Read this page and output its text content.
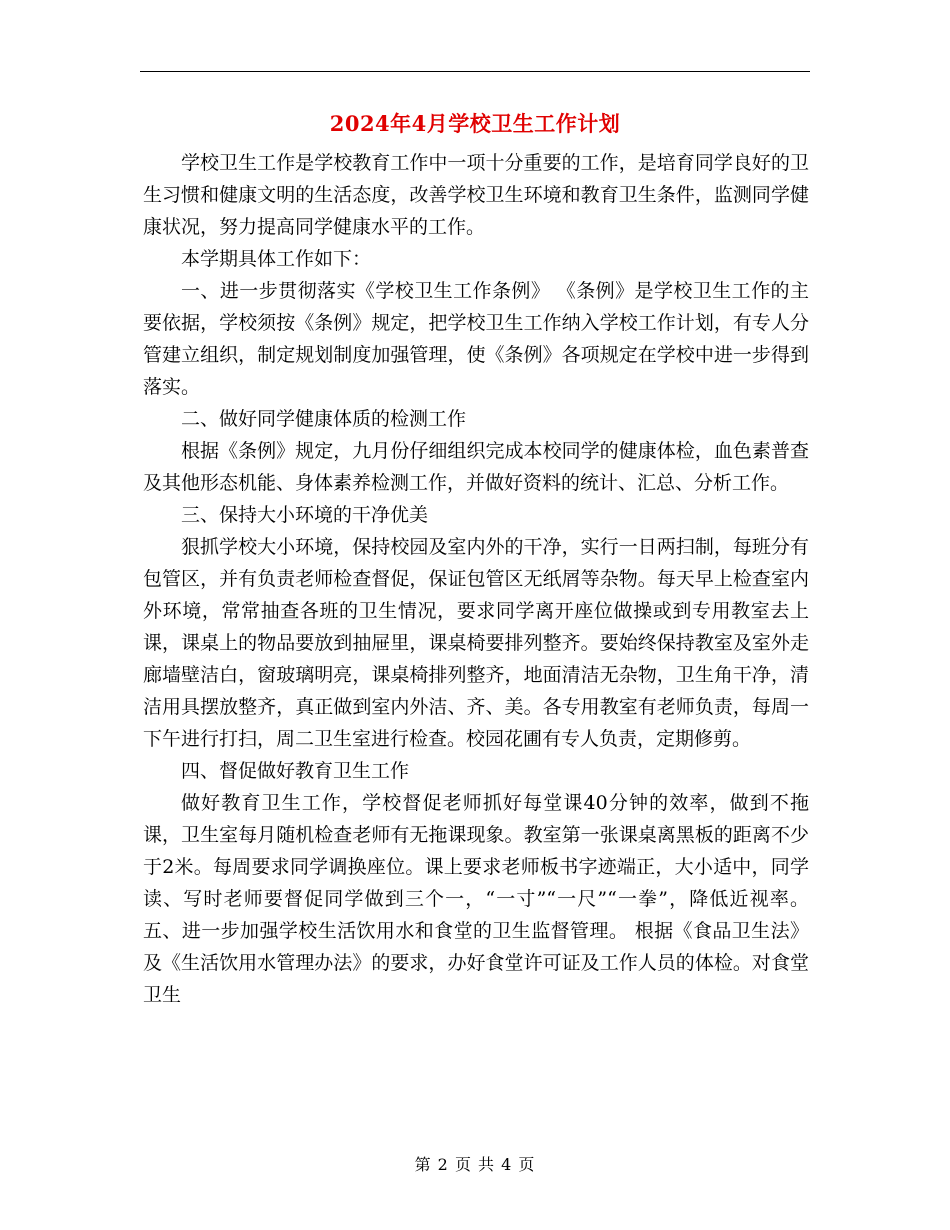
2024年4月学校卫生工作计划

学校卫生工作是学校教育工作中一项十分重要的工作，是培育同学良好的卫生习惯和健康文明的生活态度，改善学校卫生环境和教育卫生条件，监测同学健康状况，努力提高同学健康水平的工作。

本学期具体工作如下：

一、进一步贯彻落实《学校卫生工作条例》 《条例》是学校卫生工作的主要依据，学校须按《条例》规定，把学校卫生工作纳入学校工作计划，有专人分管建立组织，制定规划制度加强管理，使《条例》各项规定在学校中进一步得到落实。

二、做好同学健康体质的检测工作

根据《条例》规定，九月份仔细组织完成本校同学的健康体检，血色素普查及其他形态机能、身体素养检测工作，并做好资料的统计、汇总、分析工作。

三、保持大小环境的干净优美

狠抓学校大小环境，保持校园及室内外的干净，实行一日两扫制，每班分有包管区，并有负责老师检查督促，保证包管区无纸屑等杂物。每天早上检查室内外环境，常常抽查各班的卫生情况，要求同学离开座位做操或到专用教室去上课，课桌上的物品要放到抽屉里，课桌椅要排列整齐。要始终保持教室及室外走廊墙壁洁白，窗玻璃明亮，课桌椅排列整齐，地面清洁无杂物，卫生角干净，清洁用具摆放整齐，真正做到室内外洁、齐、美。各专用教室有老师负责，每周一下午进行打扫，周二卫生室进行检查。校园花圃有专人负责，定期修剪。

四、督促做好教育卫生工作

做好教育卫生工作，学校督促老师抓好每堂课40分钟的效率，做到不拖课，卫生室每月随机检查老师有无拖课现象。教室第一张课桌离黑板的距离不少于2米。每周要求同学调换座位。课上要求老师板书字迹端正，大小适中，同学读、写时老师要督促同学做到三个一，“一寸”“一尺”“一拳”，降低近视率。 五、进一步加强学校生活饮用水和食堂的卫生监督管理。 根据《食品卫生法》及《生活饮用水管理办法》的要求，办好食堂许可证及工作人员的体检。对食堂卫生

第 2 页 共 4 页
